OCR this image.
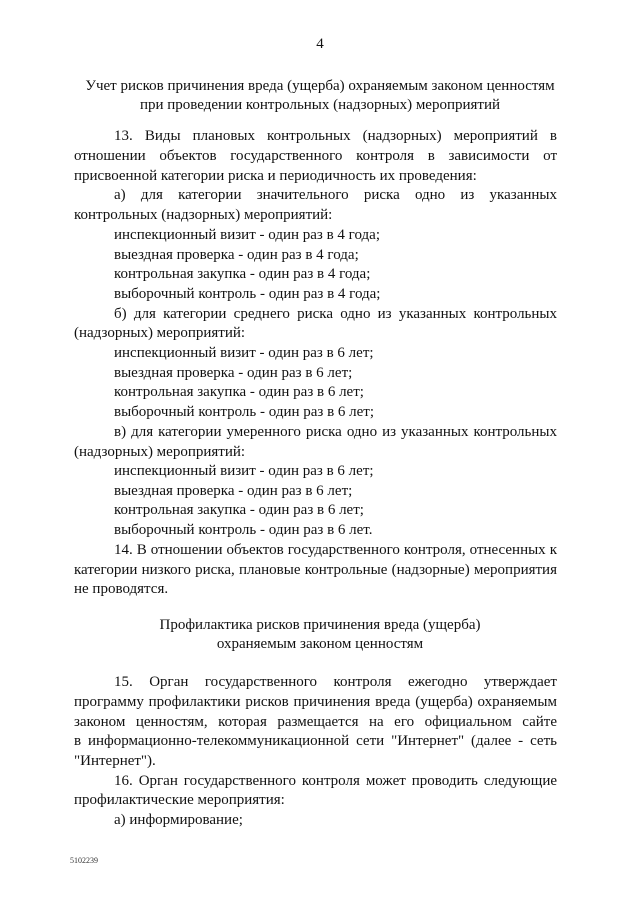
4
Учет рисков причинения вреда (ущерба) охраняемым законом ценностям
при проведении контрольных (надзорных) мероприятий
13. Виды плановых контрольных (надзорных) мероприятий в
отношении объектов государственного контроля в зависимости от
присвоенной категории риска и периодичность их проведения:
а) для категории значительного риска одно из указанных
контрольных (надзорных) мероприятий:
инспекционный визит - один раз в 4 года;
выездная проверка - один раз в 4 года;
контрольная закупка - один раз в 4 года;
выборочный контроль - один раз в 4 года;
б) для категории среднего риска одно из указанных контрольных
(надзорных) мероприятий:
инспекционный визит - один раз в 6 лет;
выездная проверка - один раз в 6 лет;
контрольная закупка - один раз в 6 лет;
выборочный контроль - один раз в 6 лет;
в) для категории умеренного риска одно из указанных контрольных
(надзорных) мероприятий:
инспекционный визит - один раз в 6 лет;
выездная проверка - один раз в 6 лет;
контрольная закупка - один раз в 6 лет;
выборочный контроль - один раз в 6 лет.
14. В отношении объектов государственного контроля, отнесенных к
категории низкого риска, плановые контрольные (надзорные) мероприятия
не проводятся.
Профилактика рисков причинения вреда (ущерба)
охраняемым законом ценностям
15. Орган государственного контроля ежегодно утверждает
программу профилактики рисков причинения вреда (ущерба) охраняемым
законом ценностям, которая размещается на его официальном сайте
в информационно-телекоммуникационной сети "Интернет" (далее - сеть
"Интернет").
16. Орган государственного контроля может проводить следующие
профилактические мероприятия:
а) информирование;
5102239
